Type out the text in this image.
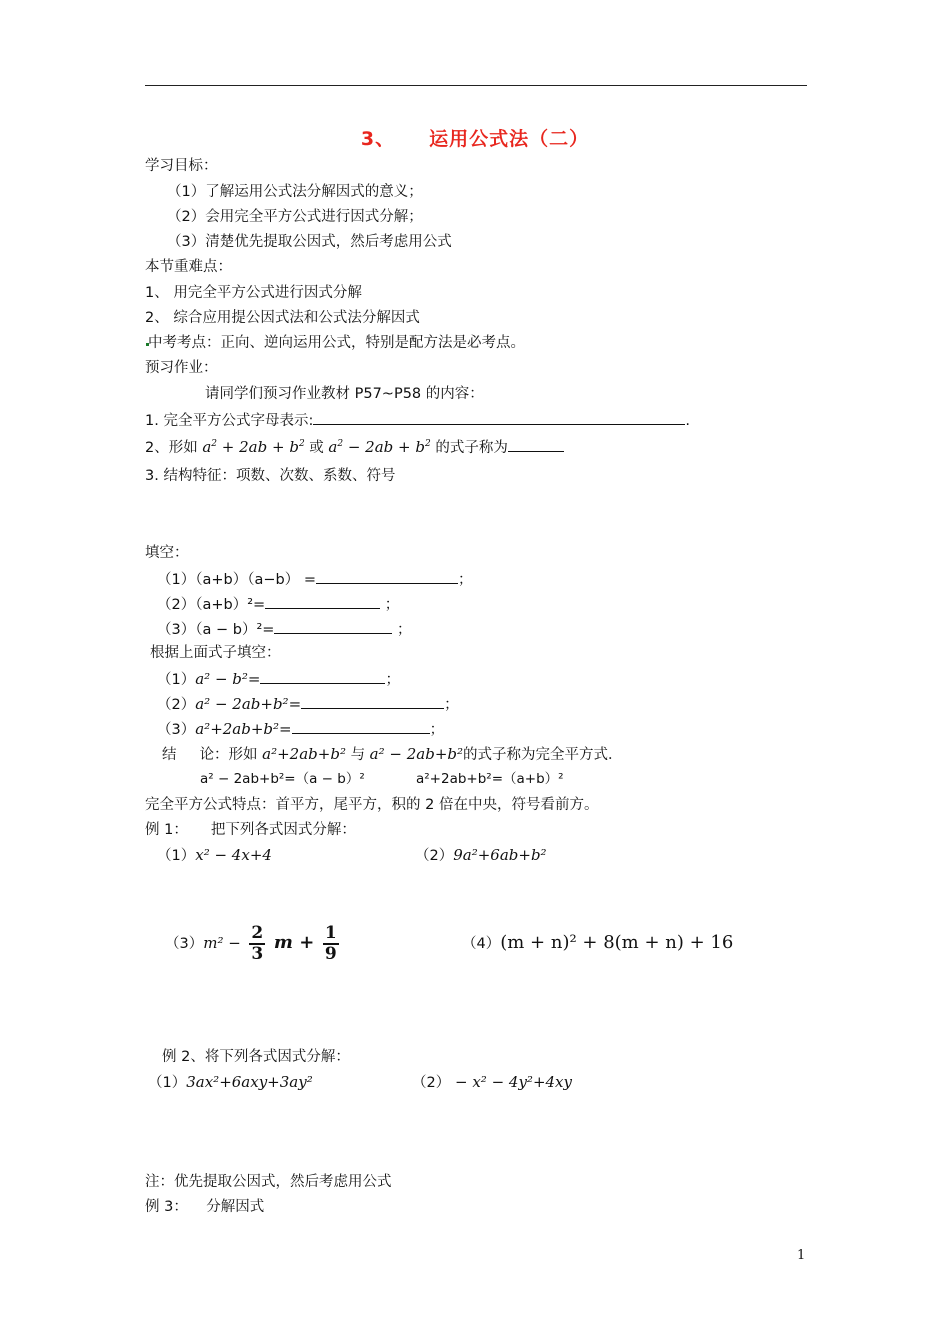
3、 运用公式法（二）
学习目标：
（1）了解运用公式法分解因式的意义；
（2）会用完全平方公式进行因式分解；
（3）清楚优先提取公因式，然后考虑用公式
本节重难点：
1、 用完全平方公式进行因式分解
2、 综合应用提公因式法和公式法分解因式
中考考点：正向、逆向运用公式，特别是配方法是必考点。
预习作业：
请同学们预习作业教材 P57~P58 的内容：
1. 完全平方公式字母表示:	.
2、形如 $a^2 + 2ab + b^2$ 或 $a^2 - 2ab + b^2$ 的式子称为
3. 结构特征：项数、次数、系数、符号
填空：
（1）（a+b）（a−b） =	；
（2）（a+b）²=	；
（3）（a − b）²=	；
根据上面式子填空：
（1）a² − b²=	；
（2）a² − 2ab+b²=	；
（3）a²+2ab+b²=	；
结     论：形如 a²+2ab+b² 与 a² − 2ab+b²的式子称为完全平方式．
a² − 2ab+b²=（a − b）²	a²+2ab+b²=（a+b）²
完全平方公式特点：首平方，尾平方，积的 2 倍在中央，符号看前方。
例 1：     把下列各式因式分解：
（1）x² − 4x+4	（2）9a²+6ab+b²
$(3)m^2 - \frac{2}{3}$ $m + \frac{1}{9}$	（4）(m + n)² + 8(m + n) + 16
例 2、将下列各式因式分解：
（1）3ax²+6axy+3ay²	（2） − x² − 4y²+4xy
注：优先提取公因式，然后考虑用公式
例 3：    分解因式
1
